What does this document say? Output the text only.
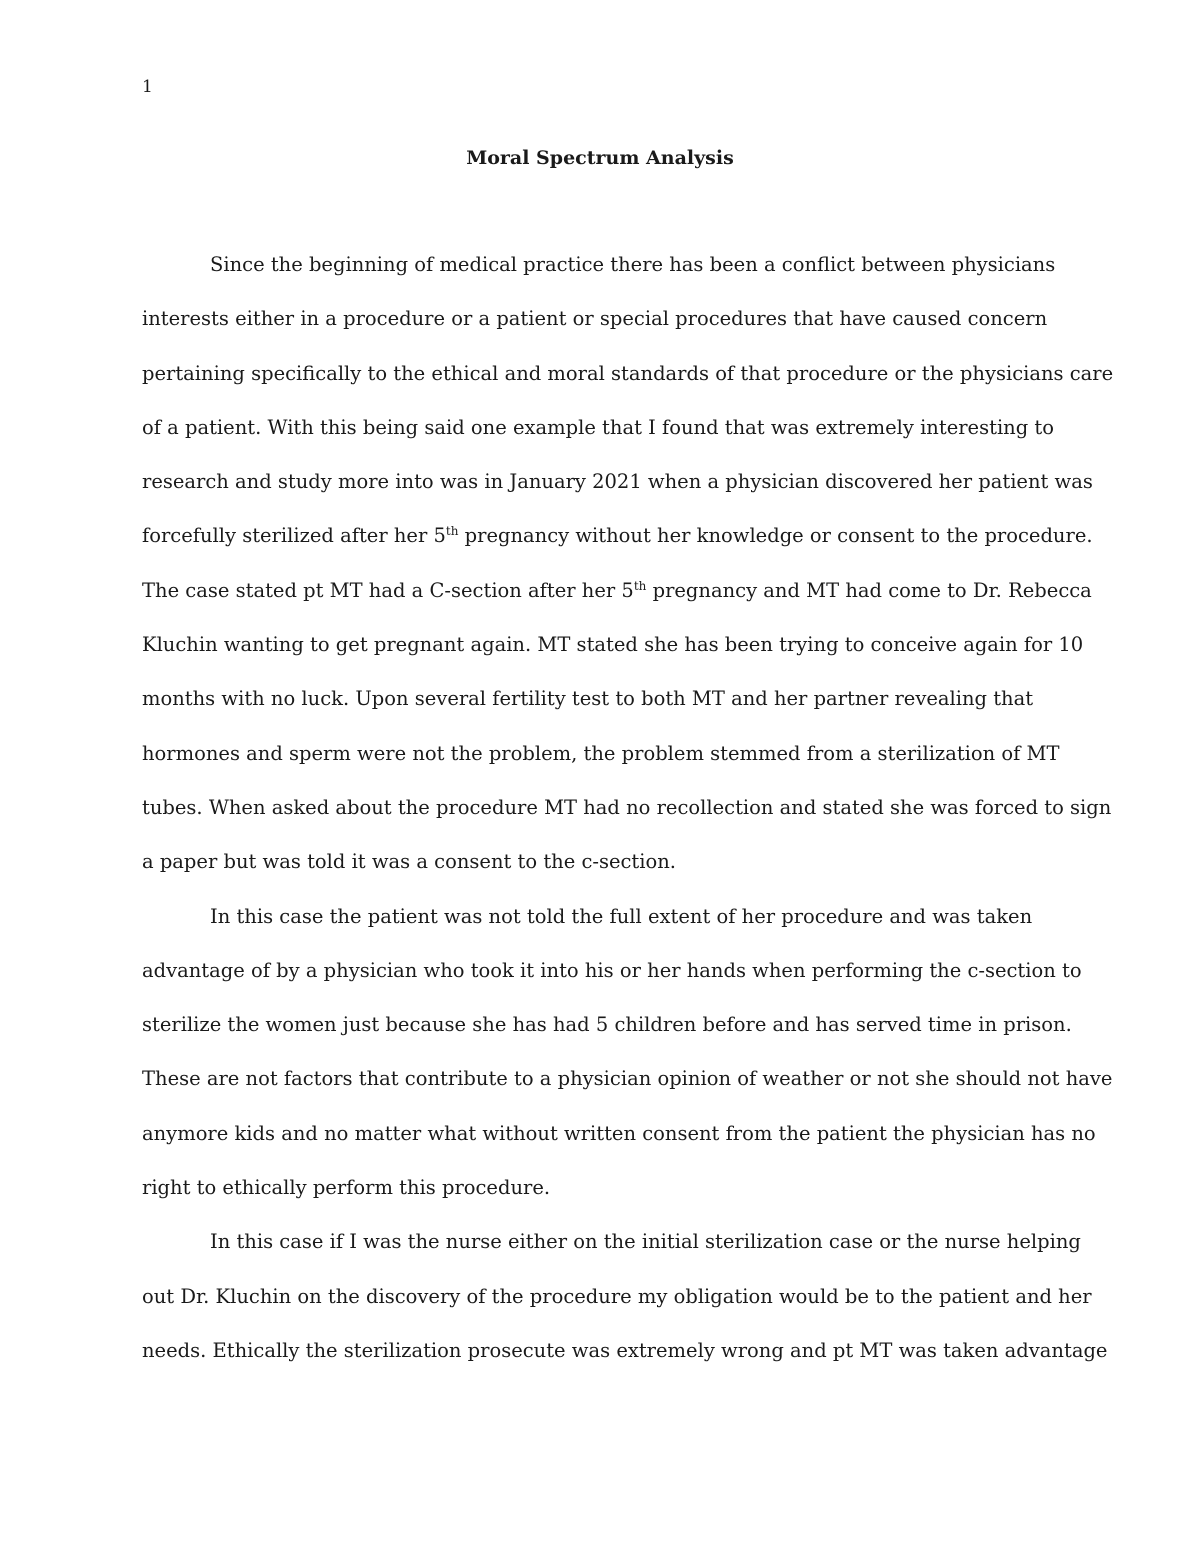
1
Moral Spectrum Analysis
Since the beginning of medical practice there has been a conflict between physicians
interests either in a procedure or a patient or special procedures that have caused concern
pertaining specifically to the ethical and moral standards of that procedure or the physicians care
of a patient. With this being said one example that I found that was extremely interesting to
research and study more into was in January 2021 when a physician discovered her patient was
forcefully sterilized after her 5th pregnancy without her knowledge or consent to the procedure.
The case stated pt MT had a C-section after her 5th pregnancy and MT had come to Dr. Rebecca
Kluchin wanting to get pregnant again. MT stated she has been trying to conceive again for 10
months with no luck. Upon several fertility test to both MT and her partner revealing that
hormones and sperm were not the problem, the problem stemmed from a sterilization of MT
tubes. When asked about the procedure MT had no recollection and stated she was forced to sign
a paper but was told it was a consent to the c-section.
In this case the patient was not told the full extent of her procedure and was taken
advantage of by a physician who took it into his or her hands when performing the c-section to
sterilize the women just because she has had 5 children before and has served time in prison.
These are not factors that contribute to a physician opinion of weather or not she should not have
anymore kids and no matter what without written consent from the patient the physician has no
right to ethically perform this procedure.
In this case if I was the nurse either on the initial sterilization case or the nurse helping
out Dr. Kluchin on the discovery of the procedure my obligation would be to the patient and her
needs. Ethically the sterilization prosecute was extremely wrong and pt MT was taken advantage
